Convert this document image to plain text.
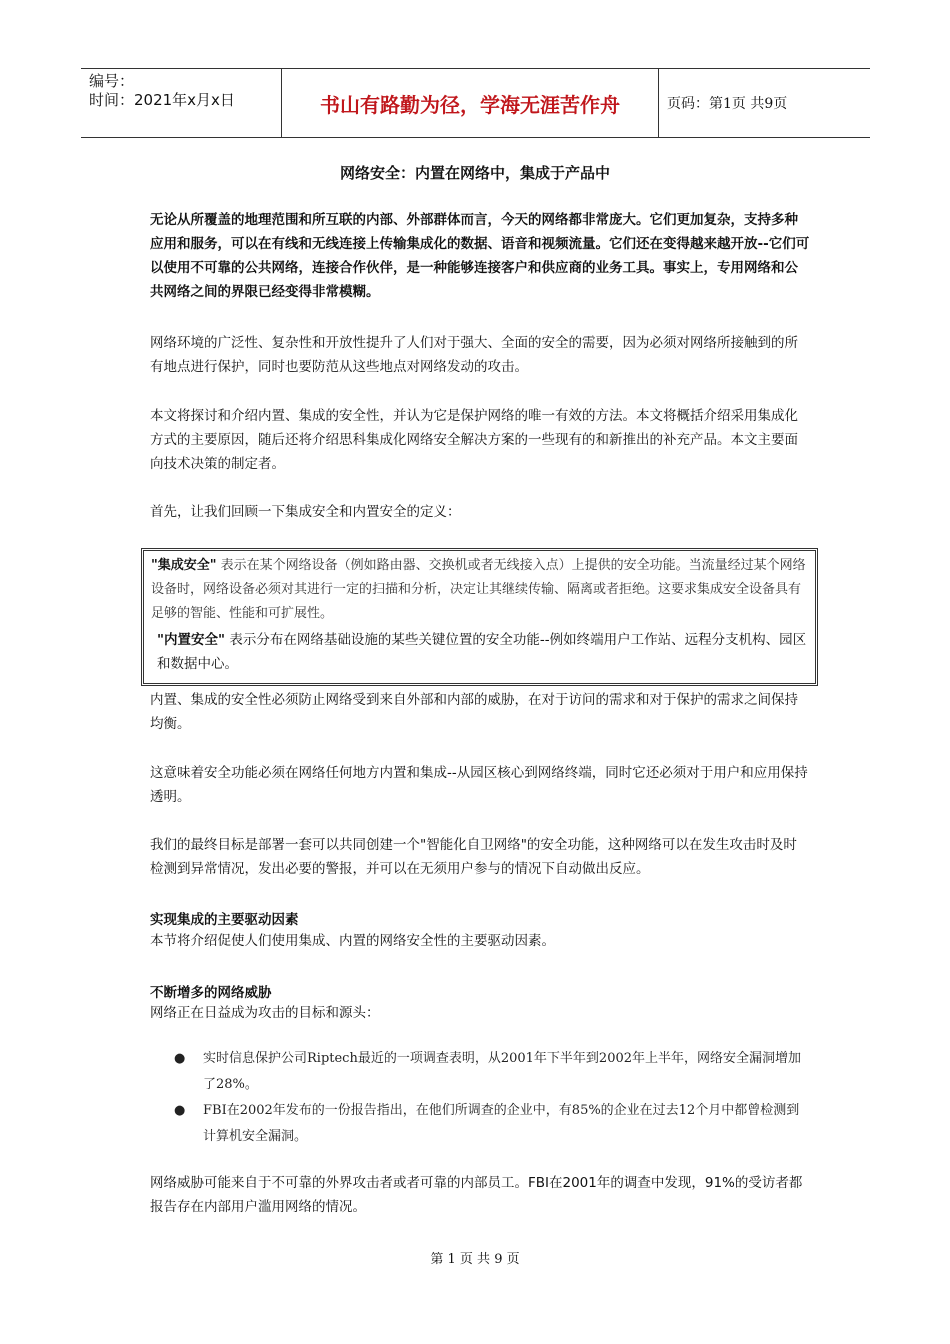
编号：
时间：2021年x月x日	书山有路勤为径，学海无涯苦作舟	页码：第1页 共9页
网络安全：内置在网络中，集成于产品中

无论从所覆盖的地理范围和所互联的内部、外部群体而言，今天的网络都非常庞大。它们更加复杂，支持多种应用和服务，可以在有线和无线连接上传输集成化的数据、语音和视频流量。它们还在变得越来越开放--它们可以使用不可靠的公共网络，连接合作伙伴，是一种能够连接客户和供应商的业务工具。事实上，专用网络和公共网络之间的界限已经变得非常模糊。

网络环境的广泛性、复杂性和开放性提升了人们对于强大、全面的安全的需要，因为必须对网络所接触到的所有地点进行保护，同时也要防范从这些地点对网络发动的攻击。

本文将探讨和介绍内置、集成的安全性，并认为它是保护网络的唯一有效的方法。本文将概括介绍采用集成化方式的主要原因，随后还将介绍思科集成化网络安全解决方案的一些现有的和新推出的补充产品。本文主要面向技术决策的制定者。

首先，让我们回顾一下集成安全和内置安全的定义：

"集成安全" 表示在某个网络设备（例如路由器、交换机或者无线接入点）上提供的安全功能。当流量经过某个网络设备时，网络设备必须对其进行一定的扫描和分析，决定让其继续传输、隔离或者拒绝。这要求集成安全设备具有足够的智能、性能和可扩展性。

"内置安全" 表示分布在网络基础设施的某些关键位置的安全功能--例如终端用户工作站、远程分支机构、园区和数据中心。

内置、集成的安全性必须防止网络受到来自外部和内部的威胁，在对于访问的需求和对于保护的需求之间保持均衡。

这意味着安全功能必须在网络任何地方内置和集成--从园区核心到网络终端，同时它还必须对于用户和应用保持透明。

我们的最终目标是部署一套可以共同创建一个"智能化自卫网络"的安全功能，这种网络可以在发生攻击时及时检测到异常情况，发出必要的警报，并可以在无须用户参与的情况下自动做出反应。

实现集成的主要驱动因素

本节将介绍促使人们使用集成、内置的网络安全性的主要驱动因素。

不断增多的网络威胁

网络正在日益成为攻击的目标和源头：

● 实时信息保护公司Riptech最近的一项调查表明，从2001年下半年到2002年上半年，网络安全漏洞增加了28%。
● FBI在2002年发布的一份报告指出，在他们所调查的企业中，有85%的企业在过去12个月中都曾检测到计算机安全漏洞。

网络威胁可能来自于不可靠的外界攻击者或者可靠的内部员工。FBI在2001年的调查中发现，91%的受访者都报告存在内部用户滥用网络的情况。

第 1 页 共 9 页
